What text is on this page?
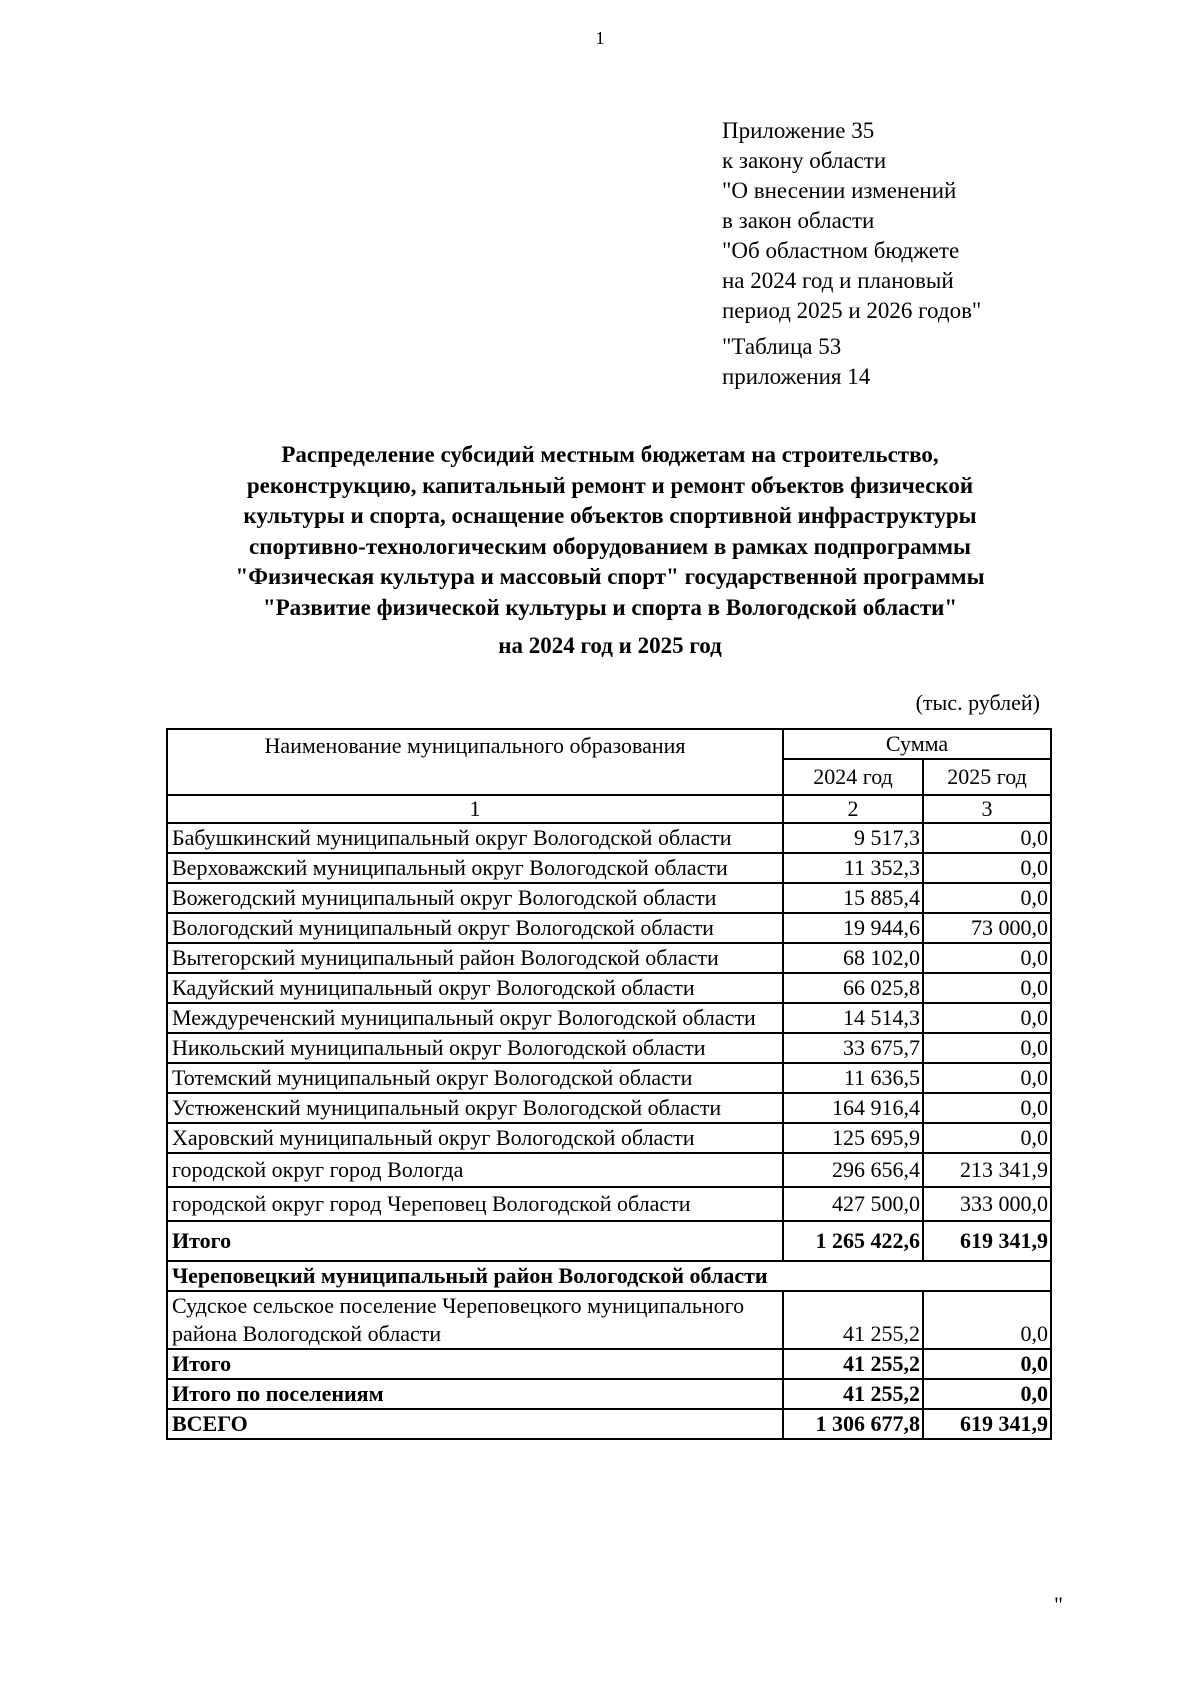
1
Приложение 35
к закону области
"О внесении изменений
в закон области
"Об областном бюджете
на 2024 год и плановый
период 2025 и 2026 годов"
"Таблица 53
приложения 14
Распределение субсидий местным бюджетам на строительство,
реконструкцию, капитальный ремонт и ремонт объектов физической
культуры и спорта, оснащение объектов спортивной инфраструктуры
спортивно-технологическим оборудованием в рамках подпрограммы
"Физическая культура и массовый спорт" государственной программы
"Развитие физической культуры и спорта в Вологодской области"
на 2024 год и 2025 год
(тыс. рублей)
Наименование муниципального образования	Сумма	
	2024 год	2025 год
1	2	3
Бабушкинский муниципальный округ Вологодской области	9 517,3	0,0
Верховажский муниципальный округ Вологодской области	11 352,3	0,0
Вожегодский муниципальный округ Вологодской области	15 885,4	0,0
Вологодский муниципальный округ Вологодской области	19 944,6	73 000,0
Вытегорский муниципальный район Вологодской области	68 102,0	0,0
Кадуйский муниципальный округ Вологодской области	66 025,8	0,0
Междуреченский муниципальный округ Вологодской области	14 514,3	0,0
Никольский муниципальный округ Вологодской области	33 675,7	0,0
Тотемский муниципальный округ Вологодской области	11 636,5	0,0
Устюженский муниципальный округ Вологодской области	164 916,4	0,0
Харовский муниципальный округ Вологодской области	125 695,9	0,0
городской округ город Вологда	296 656,4	213 341,9
городской округ город Череповец Вологодской области	427 500,0	333 000,0
Итого	1 265 422,6	619 341,9
Череповецкий муниципальный район Вологодской области		
Судское сельское поселение Череповецкого муниципального района Вологодской области	41 255,2	0,0
Итого	41 255,2	0,0
Итого по поселениям	41 255,2	0,0
ВСЕГО	1 306 677,8	619 341,9
"
